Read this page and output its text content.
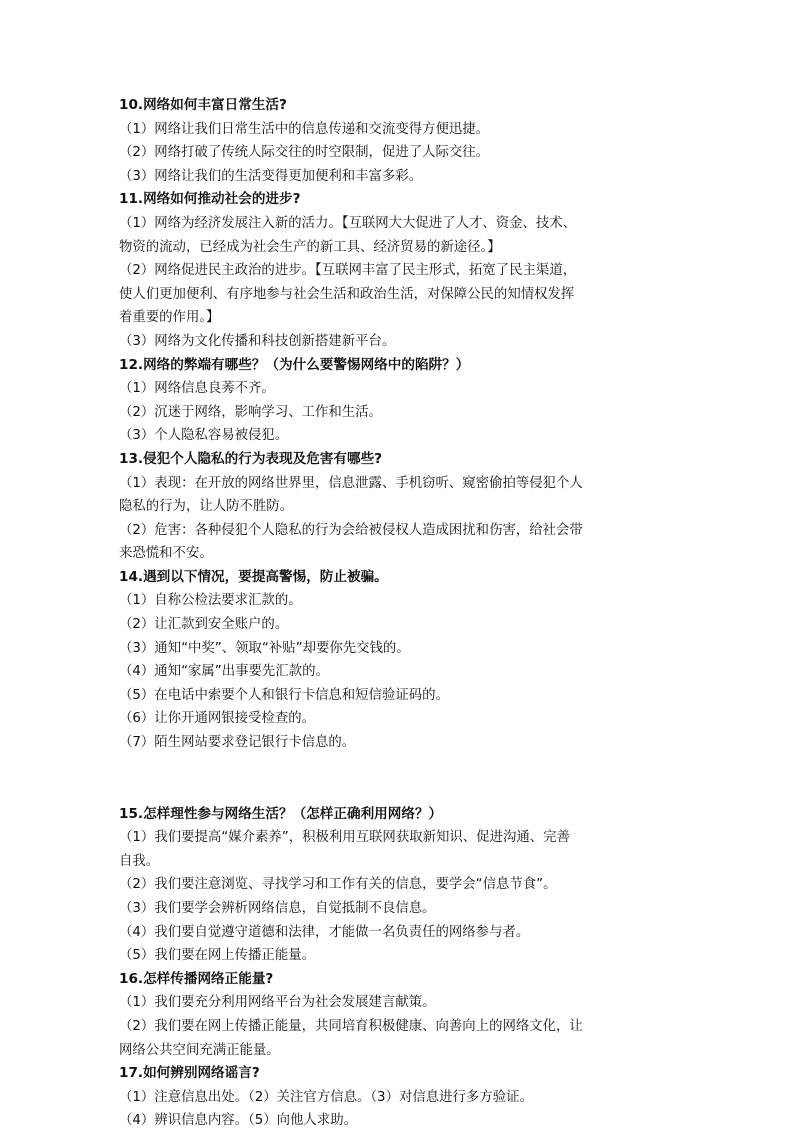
10.网络如何丰富日常生活?
（1）网络让我们日常生活中的信息传递和交流变得方便迅捷。
（2）网络打破了传统人际交往的时空限制，促进了人际交往。
（3）网络让我们的生活变得更加便利和丰富多彩。
11.网络如何推动社会的进步?
（1）网络为经济发展注入新的活力。【互联网大大促进了人才、资金、技术、
物资的流动，已经成为社会生产的新工具、经济贸易的新途径。】
（2）网络促进民主政治的进步。【互联网丰富了民主形式，拓宽了民主渠道，
使人们更加便利、有序地参与社会生活和政治生活，对保障公民的知情权发挥
着重要的作用。】
（3）网络为文化传播和科技创新搭建新平台。
12.网络的弊端有哪些？（为什么要警惕网络中的陷阱？）
（1）网络信息良莠不齐。
（2）沉迷于网络，影响学习、工作和生活。
（3）个人隐私容易被侵犯。
13.侵犯个人隐私的行为表现及危害有哪些?
（1）表现：在开放的网络世界里，信息泄露、手机窃听、窥密偷拍等侵犯个人
隐私的行为，让人防不胜防。
（2）危害：各种侵犯个人隐私的行为会给被侵权人造成困扰和伤害，给社会带
来恐慌和不安。
14.遇到以下情况，要提高警惕，防止被骗。
（1）自称公检法要求汇款的。
（2）让汇款到安全账户的。
（3）通知“中奖”、领取“补贴”却要你先交钱的。
（4）通知“家属”出事要先汇款的。
（5）在电话中索要个人和银行卡信息和短信验证码的。
（6）让你开通网银接受检查的。
（7）陌生网站要求登记银行卡信息的。
15.怎样理性参与网络生活？（怎样正确利用网络？）
（1）我们要提高“媒介素养”，积极利用互联网获取新知识、促进沟通、完善
自我。
（2）我们要注意浏览、寻找学习和工作有关的信息，要学会“信息节食”。
（3）我们要学会辨析网络信息，自觉抵制不良信息。
（4）我们要自觉遵守道德和法律，才能做一名负责任的网络参与者。
（5）我们要在网上传播正能量。
16.怎样传播网络正能量?
（1）我们要充分利用网络平台为社会发展建言献策。
（2）我们要在网上传播正能量，共同培育积极健康、向善向上的网络文化，让
网络公共空间充满正能量。
17.如何辨别网络谣言?
（1）注意信息出处。（2）关注官方信息。（3）对信息进行多方验证。
（4）辨识信息内容。（5）向他人求助。
